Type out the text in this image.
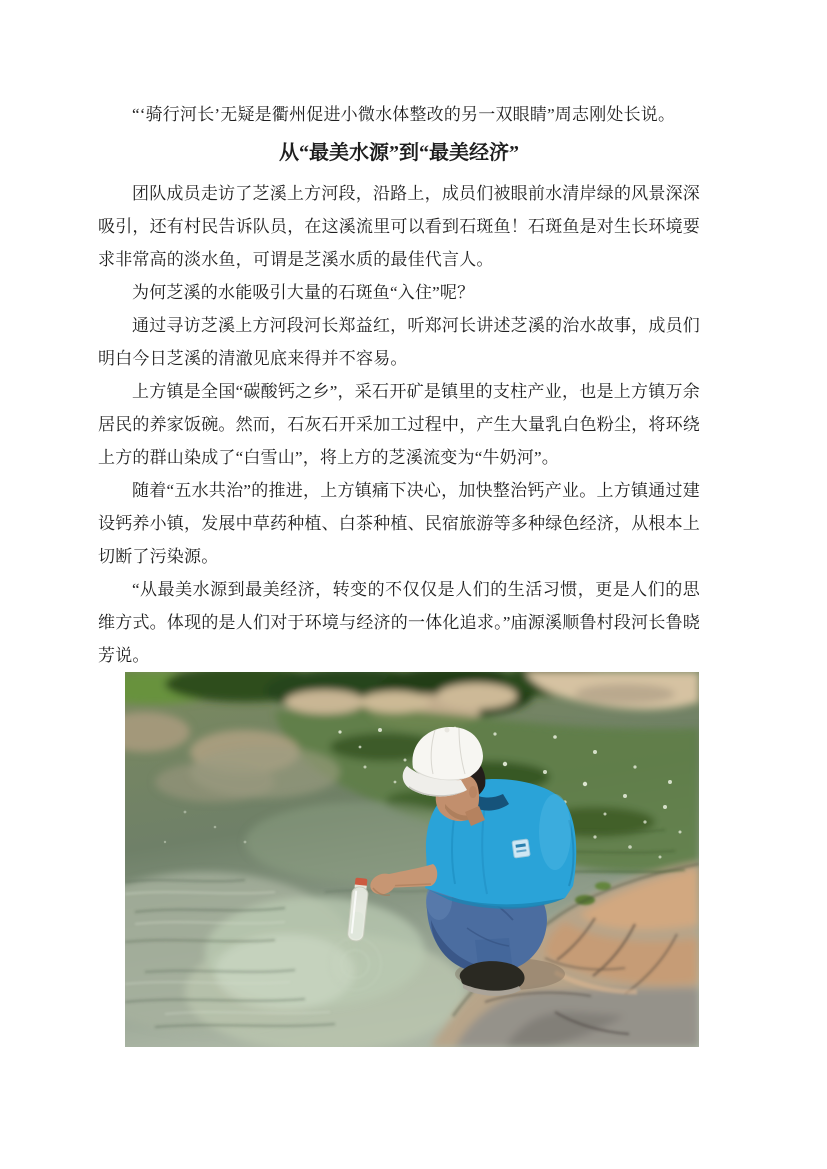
“‘骑行河长’无疑是衢州促进小微水体整改的另一双眼睛”周志刚处长说。

从“最美水源”到“最美经济”

团队成员走访了芝溪上方河段，沿路上，成员们被眼前水清岸绿的风景深深吸引，还有村民告诉队员，在这溪流里可以看到石斑鱼！石斑鱼是对生长环境要求非常高的淡水鱼，可谓是芝溪水质的最佳代言人。

为何芝溪的水能吸引大量的石斑鱼“入住”呢？

通过寻访芝溪上方河段河长郑益红，听郑河长讲述芝溪的治水故事，成员们明白今日芝溪的清澈见底来得并不容易。

上方镇是全国“碳酸钙之乡”，采石开矿是镇里的支柱产业，也是上方镇万余居民的养家饭碗。然而，石灰石开采加工过程中，产生大量乳白色粉尘，将环绕上方的群山染成了“白雪山”，将上方的芝溪流变为“牛奶河”。

随着“五水共治”的推进，上方镇痛下决心，加快整治钙产业。上方镇通过建设钙养小镇，发展中草药种植、白茶种植、民宿旅游等多种绿色经济，从根本上切断了污染源。

“从最美水源到最美经济，转变的不仅仅是人们的生活习惯，更是人们的思维方式。体现的是人们对于环境与经济的一体化追求。”庙源溪顺鲁村段河长鲁晓芳说。
